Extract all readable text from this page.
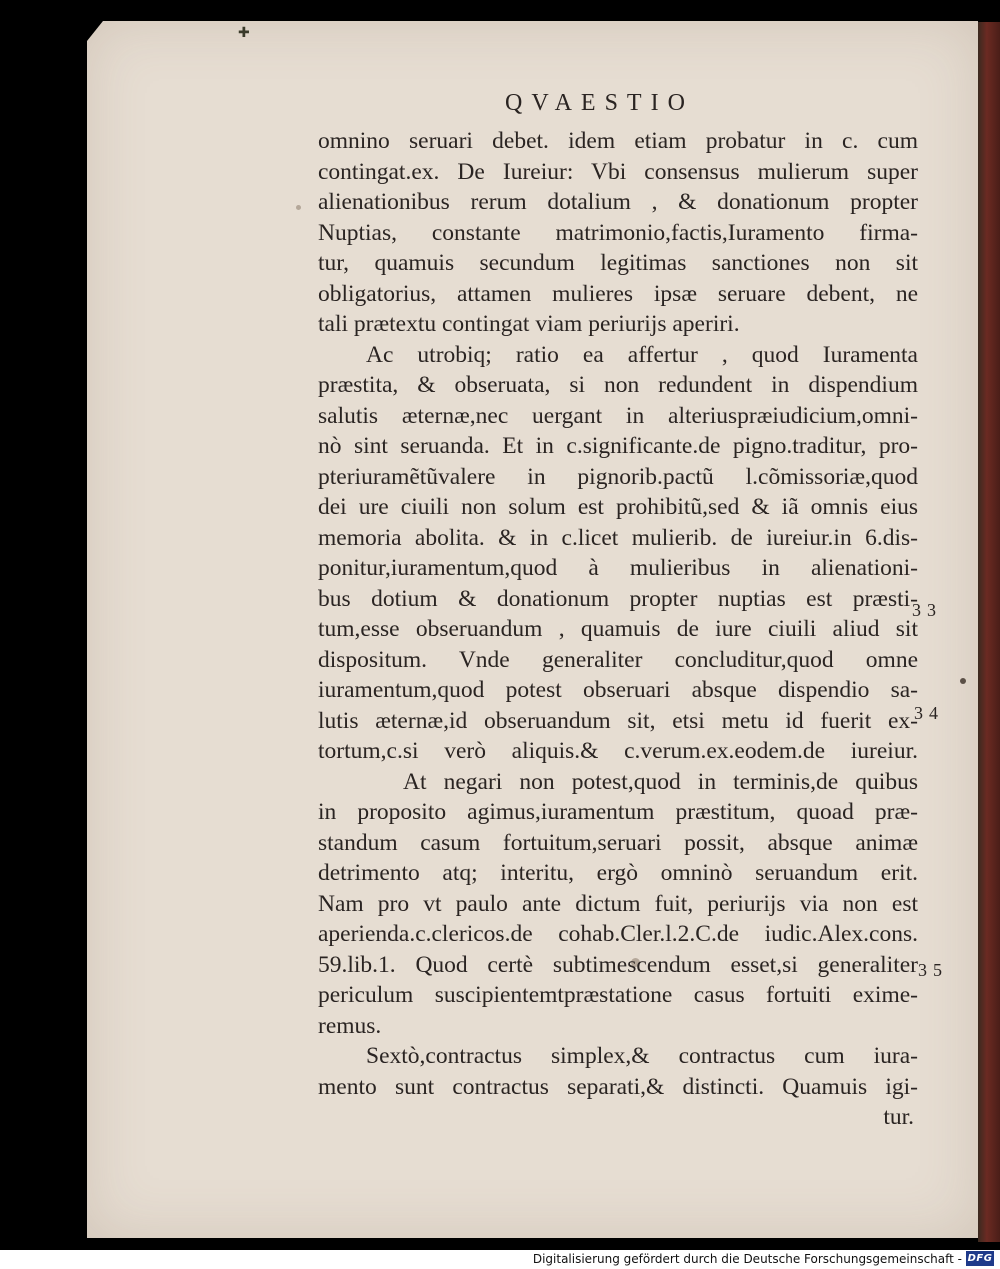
✚
QVAESTIO
omnino seruari debet. idem etiam probatur in c. cum
contingat.ex. De Iureiur: Vbi consensus mulierum super
alienationibus rerum dotalium , & donationum propter
Nuptias, constante matrimonio,factis,Iuramento firma-
tur, quamuis secundum legitimas sanctiones non sit
obligatorius, attamen mulieres ipsæ seruare debent, ne
tali prætextu contingat viam periurijs aperiri.
Ac utrobiq; ratio ea affertur , quod Iuramenta
præstita, & obseruata, si non redundent in dispendium
salutis æternæ,nec uergant in alteriuspræiudicium,omni-
nò sint seruanda. Et in c.significante.de pigno.traditur, pro-
pteriuramẽtũvalere in pignorib.pactũ l.cõmissoriæ,quod
dei ure ciuili non solum est prohibitũ,sed & iã omnis eius
memoria abolita. & in c.licet mulierib. de iureiur.in 6.dis-
ponitur,iuramentum,quod à mulieribus in alienationi-
bus dotium & donationum propter nuptias est præsti-
tum,esse obseruandum , quamuis de iure ciuili aliud sit
dispositum. Vnde generaliter concluditur,quod omne
iuramentum,quod potest obseruari absque dispendio sa-
lutis æternæ,id obseruandum sit, etsi metu id fuerit ex-
tortum,c.si verò aliquis.& c.verum.ex.eodem.de iureiur.
At negari non potest,quod in terminis,de quibus
in proposito agimus,iuramentum præstitum, quoad præ-
standum casum fortuitum,seruari possit, absque animæ
detrimento atq; interitu, ergò omninò seruandum erit.
Nam pro vt paulo ante dictum fuit, periurijs via non est
aperienda.c.clericos.de cohab.Cler.l.2.C.de iudic.Alex.cons.
59.lib.1. Quod certè subtimescendum esset,si generaliter
periculum suscipientemtpræstatione casus fortuiti exime-
remus.
Sextò,contractus simplex,& contractus cum iura-
mento sunt contractus separati,& distincti. Quamuis igi-
tur.
33
34
35
Digitalisierung gefördert durch die Deutsche Forschungsgemeinschaft - DFG
